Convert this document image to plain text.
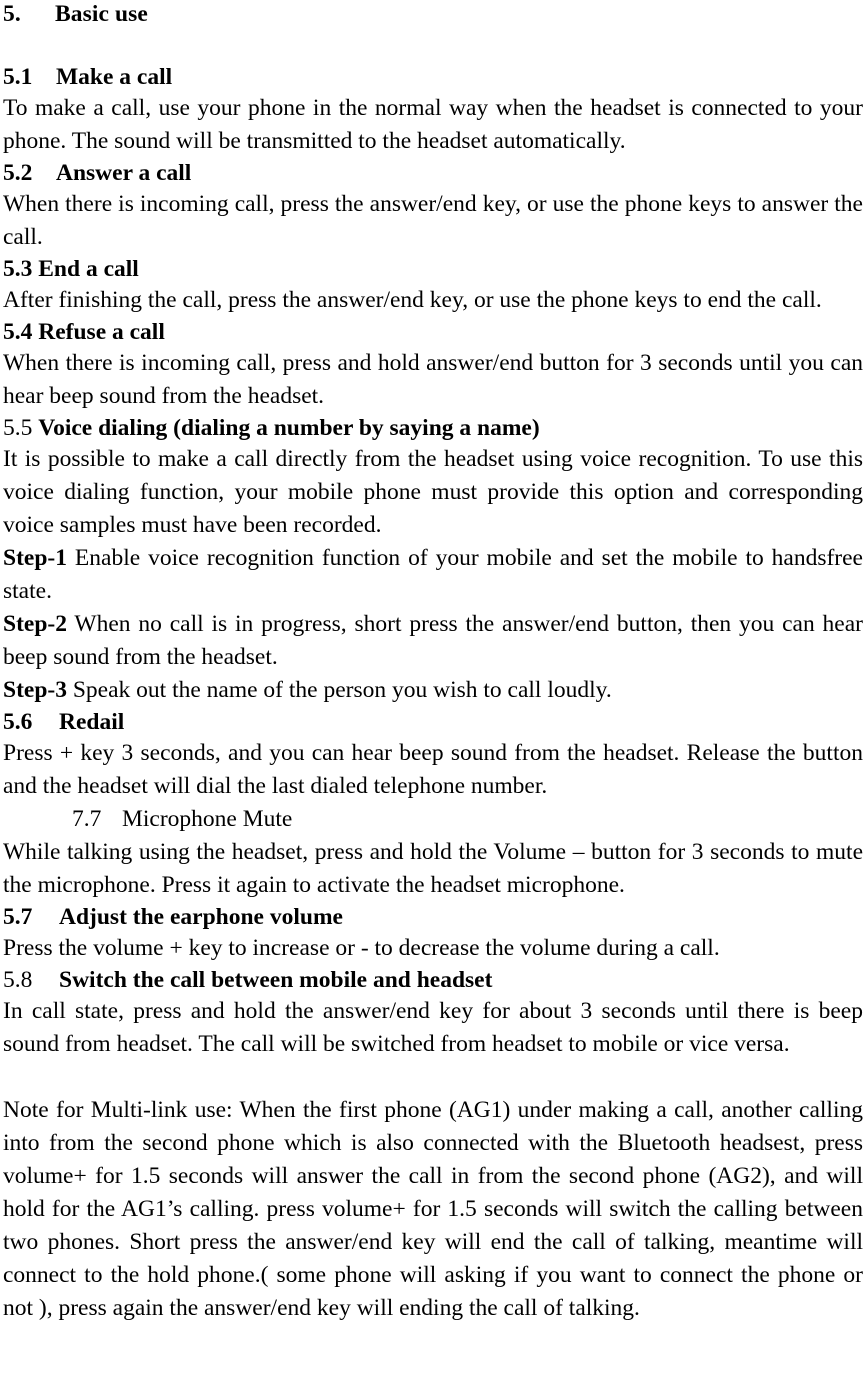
5. Basic use
5.1 Make a call

To make a call, use your phone in the normal way when the headset is connected to your phone. The sound will be transmitted to the headset automatically.

5.2 Answer a call

When there is incoming call, press the answer/end key, or use the phone keys to answer the call.

5.3 End a call

After finishing the call, press the answer/end key, or use the phone keys to end the call.

5.4 Refuse a call

When there is incoming call, press and hold answer/end button for 3 seconds until you can hear beep sound from the headset.

5.5 Voice dialing (dialing a number by saying a name)

It is possible to make a call directly from the headset using voice recognition. To use this voice dialing function, your mobile phone must provide this option and corresponding voice samples must have been recorded.

Step-1 Enable voice recognition function of your mobile and set the mobile to handsfree state.

Step-2 When no call is in progress, short press the answer/end button, then you can hear beep sound from the headset.

Step-3 Speak out the name of the person you wish to call loudly.

5.6 Redail

Press + key 3 seconds, and you can hear beep sound from the headset. Release the button and the headset will dial the last dialed telephone number.

7.7 Microphone Mute

While talking using the headset, press and hold the Volume – button for 3 seconds to mute the microphone. Press it again to activate the headset microphone.

5.7 Adjust the earphone volume

Press the volume + key to increase or - to decrease the volume during a call.

5.8 Switch the call between mobile and headset

In call state, press and hold the answer/end key for about 3 seconds until there is beep sound from headset. The call will be switched from headset to mobile or vice versa.

Note for Multi-link use: When the first phone (AG1) under making a call, another calling into from the second phone which is also connected with the Bluetooth headsest, press volume+ for 1.5 seconds will answer the call in from the second phone (AG2), and will hold for the AG1’s calling. press volume+ for 1.5 seconds will switch the calling between two phones. Short press the answer/end key will end the call of talking, meantime will connect to the hold phone.( some phone will asking if you want to connect the phone or not ), press again the answer/end key will ending the call of talking.
